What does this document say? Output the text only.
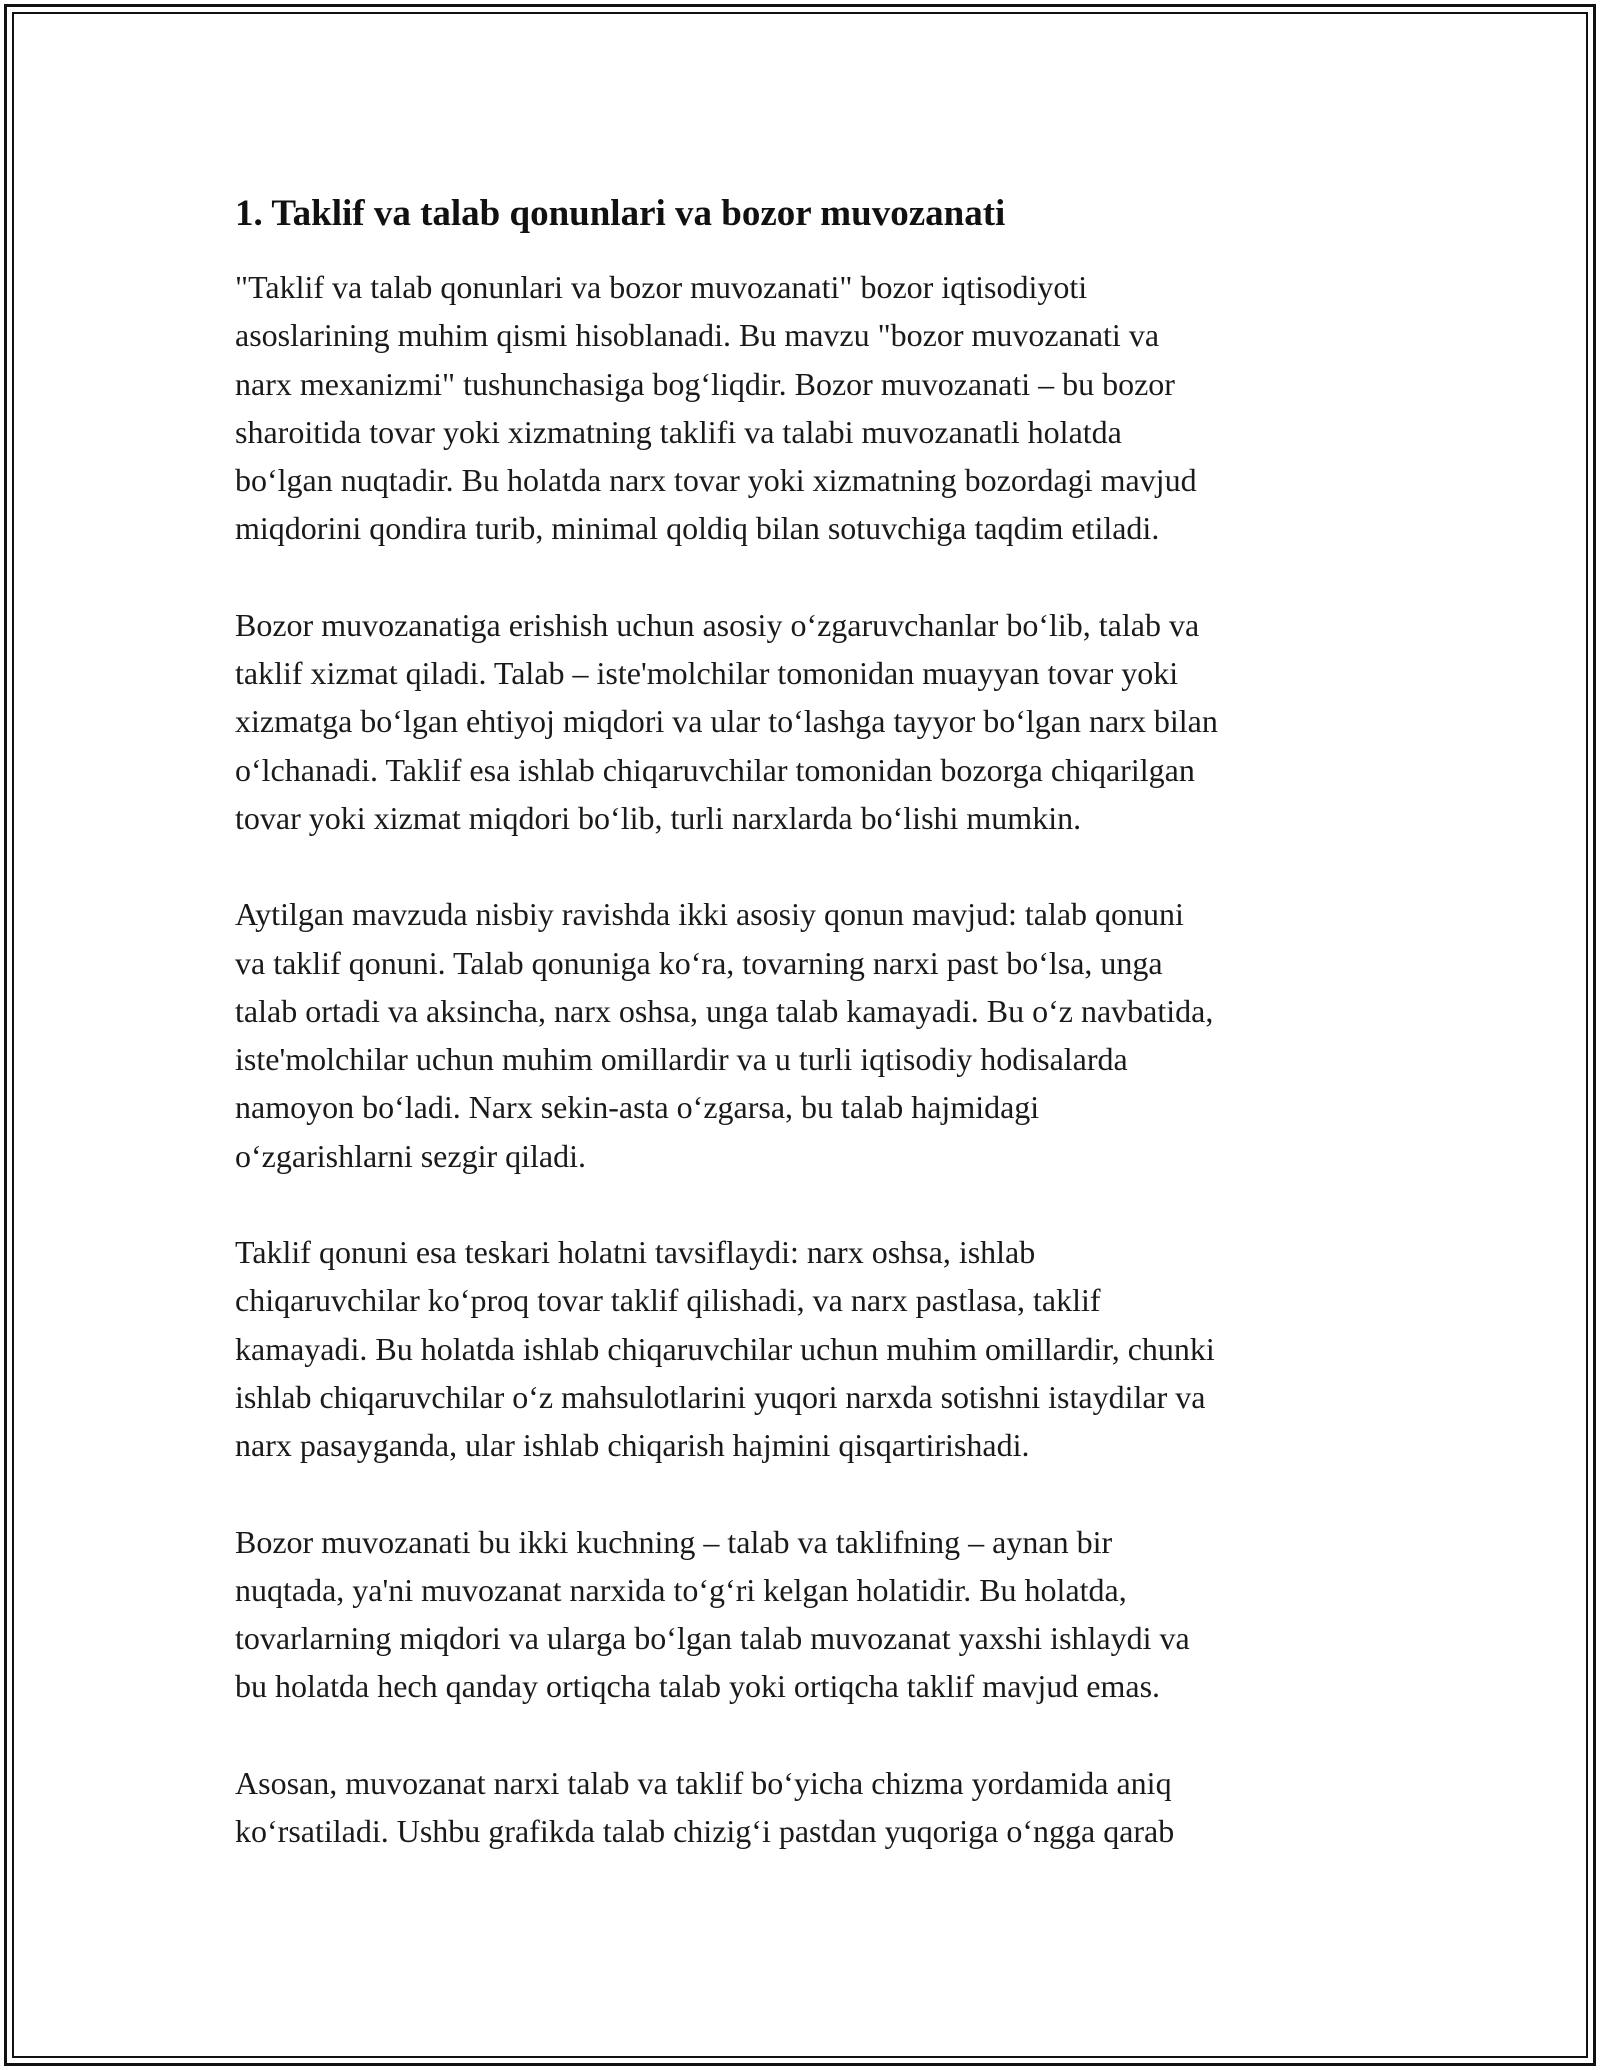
1. Taklif va talab qonunlari va bozor muvozanati

"Taklif va talab qonunlari va bozor muvozanati" bozor iqtisodiyoti
asoslarining muhim qismi hisoblanadi. Bu mavzu "bozor muvozanati va
narx mexanizmi" tushunchasiga bog‘liqdir. Bozor muvozanati – bu bozor
sharoitida tovar yoki xizmatning taklifi va talabi muvozanatli holatda
bo‘lgan nuqtadir. Bu holatda narx tovar yoki xizmatning bozordagi mavjud
miqdorini qondira turib, minimal qoldiq bilan sotuvchiga taqdim etiladi.

Bozor muvozanatiga erishish uchun asosiy o‘zgaruvchanlar bo‘lib, talab va
taklif xizmat qiladi. Talab – iste'molchilar tomonidan muayyan tovar yoki
xizmatga bo‘lgan ehtiyoj miqdori va ular to‘lashga tayyor bo‘lgan narx bilan
o‘lchanadi. Taklif esa ishlab chiqaruvchilar tomonidan bozorga chiqarilgan
tovar yoki xizmat miqdori bo‘lib, turli narxlarda bo‘lishi mumkin.

Aytilgan mavzuda nisbiy ravishda ikki asosiy qonun mavjud: talab qonuni
va taklif qonuni. Talab qonuniga ko‘ra, tovarning narxi past bo‘lsa, unga
talab ortadi va aksincha, narx oshsa, unga talab kamayadi. Bu o‘z navbatida,
iste'molchilar uchun muhim omillardir va u turli iqtisodiy hodisalarda
namoyon bo‘ladi. Narx sekin-asta o‘zgarsa, bu talab hajmidagi
o‘zgarishlarni sezgir qiladi.

Taklif qonuni esa teskari holatni tavsiflaydi: narx oshsa, ishlab
chiqaruvchilar ko‘proq tovar taklif qilishadi, va narx pastlasa, taklif
kamayadi. Bu holatda ishlab chiqaruvchilar uchun muhim omillardir, chunki
ishlab chiqaruvchilar o‘z mahsulotlarini yuqori narxda sotishni istaydilar va
narx pasayganda, ular ishlab chiqarish hajmini qisqartirishadi.

Bozor muvozanati bu ikki kuchning – talab va taklifning – aynan bir
nuqtada, ya'ni muvozanat narxida to‘g‘ri kelgan holatidir. Bu holatda,
tovarlarning miqdori va ularga bo‘lgan talab muvozanat yaxshi ishlaydi va
bu holatda hech qanday ortiqcha talab yoki ortiqcha taklif mavjud emas.

Asosan, muvozanat narxi talab va taklif bo‘yicha chizma yordamida aniq
ko‘rsatiladi. Ushbu grafikda talab chizig‘i pastdan yuqoriga o‘ngga qarab
